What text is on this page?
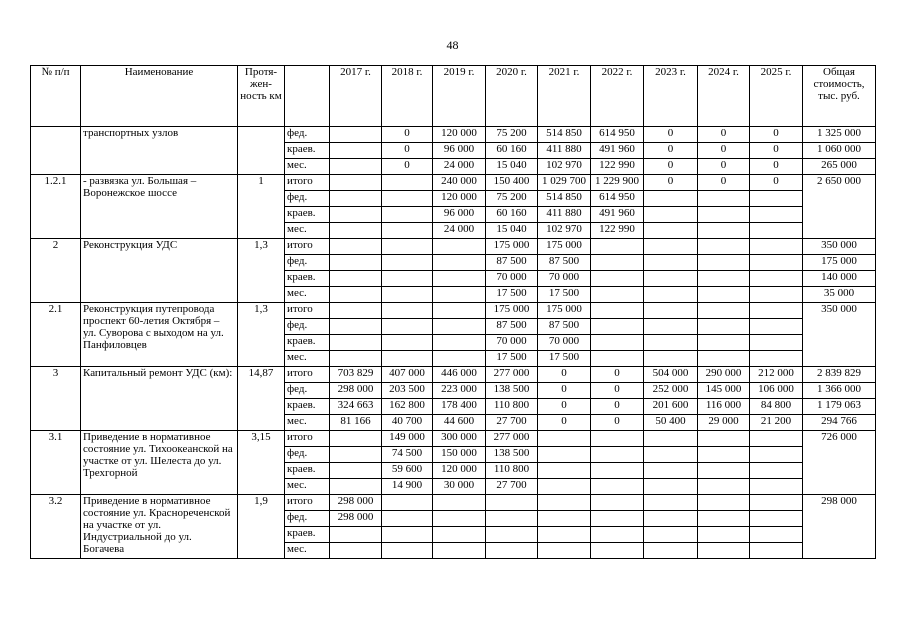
48
№ п/п	Наименование	Протя-жен-ность км		2017 г.	2018 г.	2019 г.	2020 г.	2021 г.	2022 г.	2023 г.	2024 г.	2025 г.	Общая стоимость, тыс. руб.
	транспортных узлов		фед.		0	120 000	75 200	514 850	614 950	0	0	0	1 325 000
			краев.		0	96 000	60 160	411 880	491 960	0	0	0	1 060 000
			мес.		0	24 000	15 040	102 970	122 990	0	0	0	265 000
1.2.1	- развязка ул. Большая – Воронежское шоссе	1	итого			240 000	150 400	1 029 700	1 229 900	0	0	0	2 650 000
			фед.			120 000	75 200	514 850	614 950				
			краев.			96 000	60 160	411 880	491 960				
			мес.			24 000	15 040	102 970	122 990				
2	Реконструкция УДС	1,3	итого				175 000	175 000					350 000
			фед.				87 500	87 500					175 000
			краев.				70 000	70 000					140 000
			мес.				17 500	17 500					35 000
2.1	Реконструкция путепровода проспект 60-летия Октября – ул. Суворова с выходом на ул. Панфиловцев	1,3	итого				175 000	175 000					350 000
			фед.				87 500	87 500					
			краев.				70 000	70 000					
			мес.				17 500	17 500					
3	Капитальный ремонт УДС (км):	14,87	итого	703 829	407 000	446 000	277 000	0	0	504 000	290 000	212 000	2 839 829
			фед.	298 000	203 500	223 000	138 500	0	0	252 000	145 000	106 000	1 366 000
			краев.	324 663	162 800	178 400	110 800	0	0	201 600	116 000	84 800	1 179 063
			мес.	81 166	40 700	44 600	27 700	0	0	50 400	29 000	21 200	294 766
3.1	Приведение в нормативное состояние ул. Тихоокеанской на участке от ул. Шелеста до ул. Трехгорной	3,15	итого		149 000	300 000	277 000						726 000
			фед.		74 500	150 000	138 500						
			краев.		59 600	120 000	110 800						
			мес.		14 900	30 000	27 700						
3.2	Приведение в нормативное состояние ул. Краснореченской на участке от ул. Индустриальной до ул. Богачева	1,9	итого	298 000									298 000
			фед.	298 000									
			краев.										
			мес.										
